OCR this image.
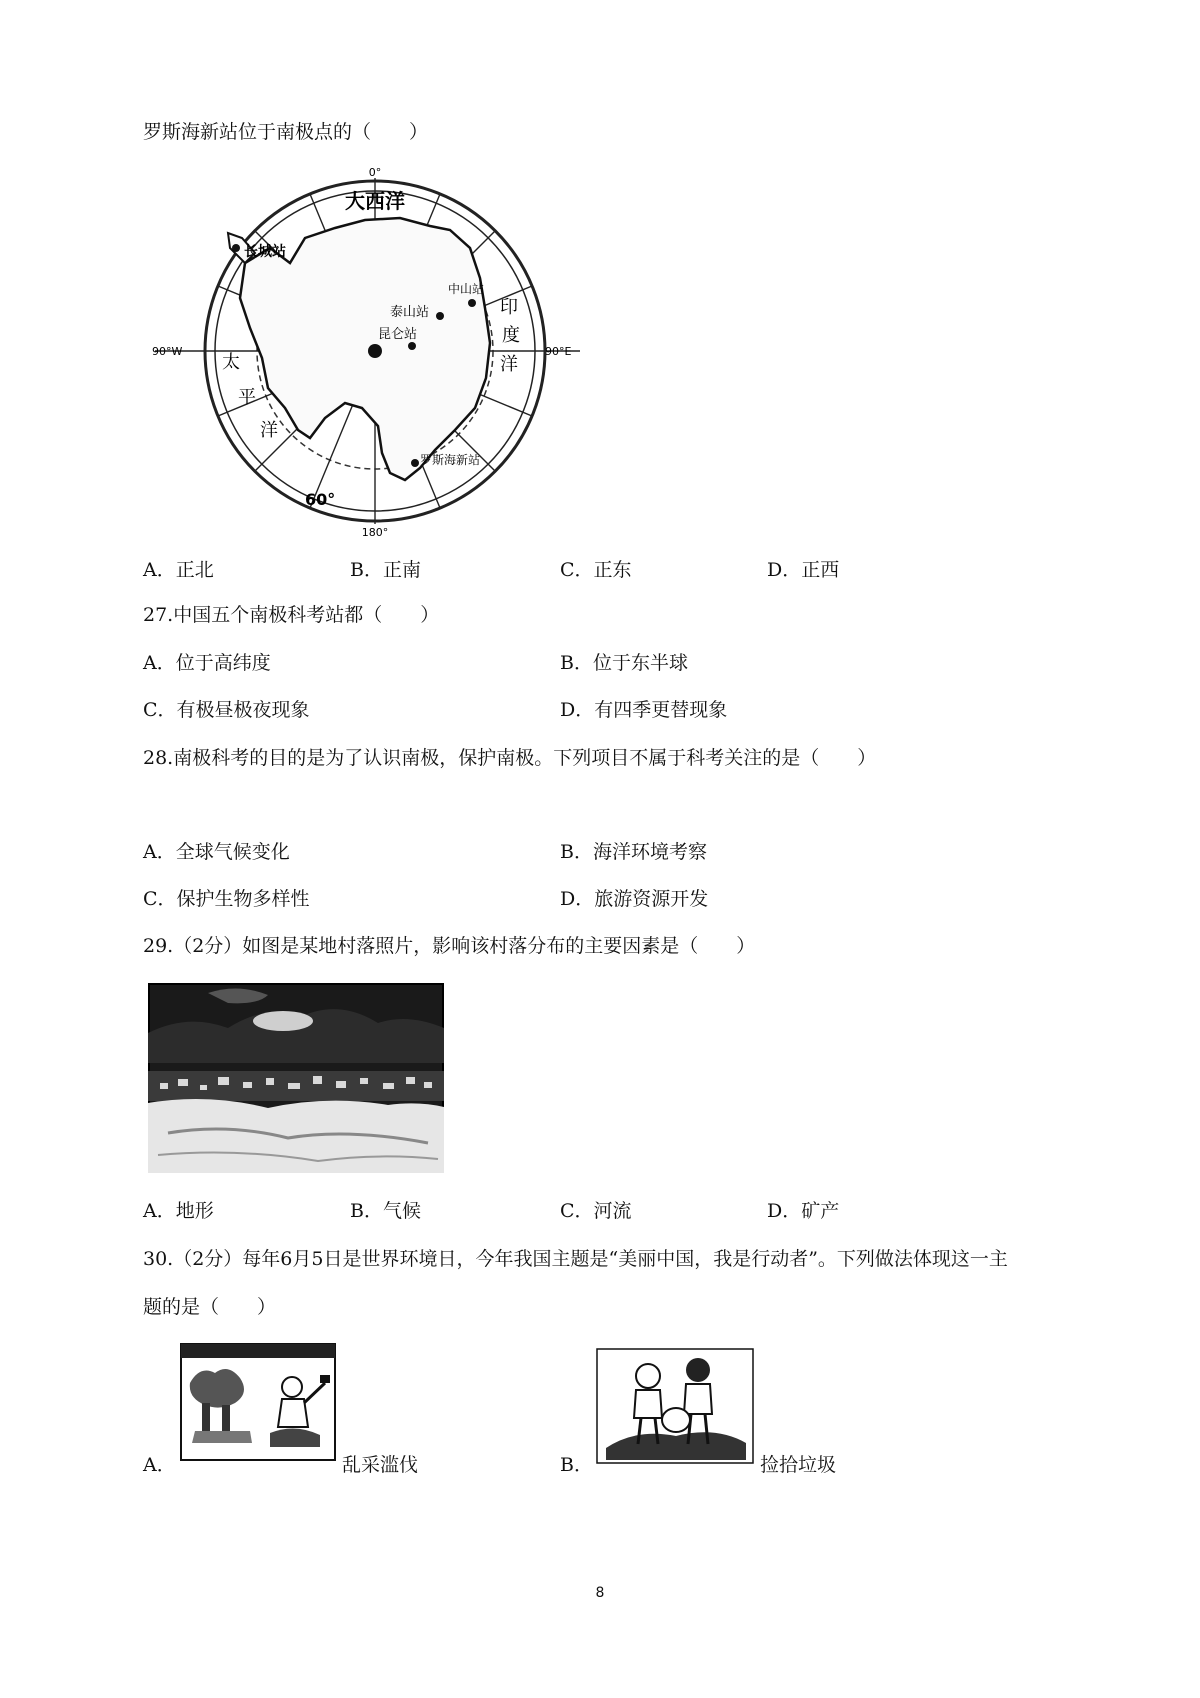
罗斯海新站位于南极点的（　　）
0°
180°
90°W	90°E
60°
大西洋
太
平
洋
印
度
洋
长城站
中山站
泰山站
昆仑站
罗斯海新站
A．正北	B．正南	C．正东	D．正西
27.中国五个南极科考站都（　　）
A．位于高纬度	B．位于东半球
C．有极昼极夜现象	D．有四季更替现象
28.南极科考的目的是为了认识南极，保护南极。下列项目不属于科考关注的是（　　）
A．全球气候变化	B．海洋环境考察
C．保护生物多样性	D．旅游资源开发
29.（2分）如图是某地村落照片，影响该村落分布的主要因素是（　　）
A．地形	B．气候	C．河流	D．矿产
30.（2分）每年6月5日是世界环境日，今年我国主题是“美丽中国，我是行动者”。下列做法体现这一主
题的是（　　）
A．	乱采滥伐	B．	捡拾垃圾
8
